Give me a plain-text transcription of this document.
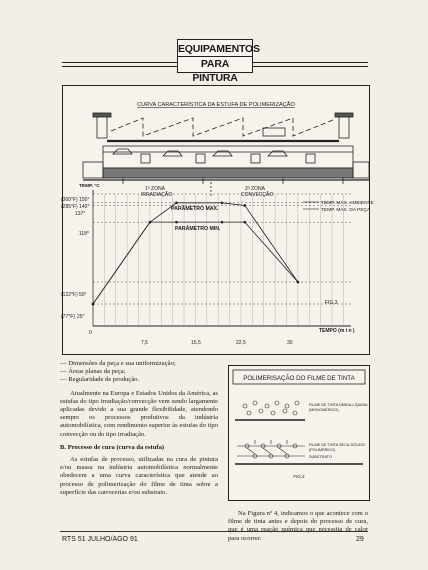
EQUIPAMENTOS
PARA PINTURA
CURVA CARACTERÍSTICA DA ESTUFA DE POLIMERIZAÇÃO
TEMP. °C	1ª ZONA
IRRADIAÇÃO
2ª ZONA
CONVECÇÃO
PARÂMETRO MAX.
PARÂMETRO MIN.
TEMP. MAX. AMBIENTE
TEMP. MAX. DA PEÇA
FIG.3
TEMPO (m i n )
(300°F) 150°
(285°F) 140°
137°
118°
(122°F) 50°
(77°F) 25°
0
7,5	15,5	22,5	30
— Dimensões da peça e sua uniformização;
— Áreas planas da peça;
— Regularidade de produção.

Atualmente na Europa e Estados Unidos da América, as estufas do tipo irradiação/convecção vem sendo largamente aplicadas devido a sua grande flexibilidade, atendendo sempre os processos produtivos da indústria automobilística, com rendimento superior às estufas do tipo convecção ou do tipo irradiação.

B. Processo de cura (curva da estufa)

As estufas de processo, utilizadas na cura de pintura e/ou massa na indústria automobilística normalmente obedecem a uma curva característica que atende ao processo de polimerização do filme de tinta sobre a superfície das carrocerias e/ou substrato.

POLIMERISAÇÃO DO FILME DE TINTA
FILME DE TINTA ÚMIDA-LÍQUIDA
(MONOMÉRICO)
FILME DE TINTA SECA-SÓLIDO
(POLIMÉRICO)
SUBSTRATO
FIG.4

Na Figura nº 4, indicamos o que acontece com o filme de tinta antes e depois do processo de cura, que é uma reação química que necessita de calor para ocorrer.

RTS 51 JULHO/AGO 91	29
